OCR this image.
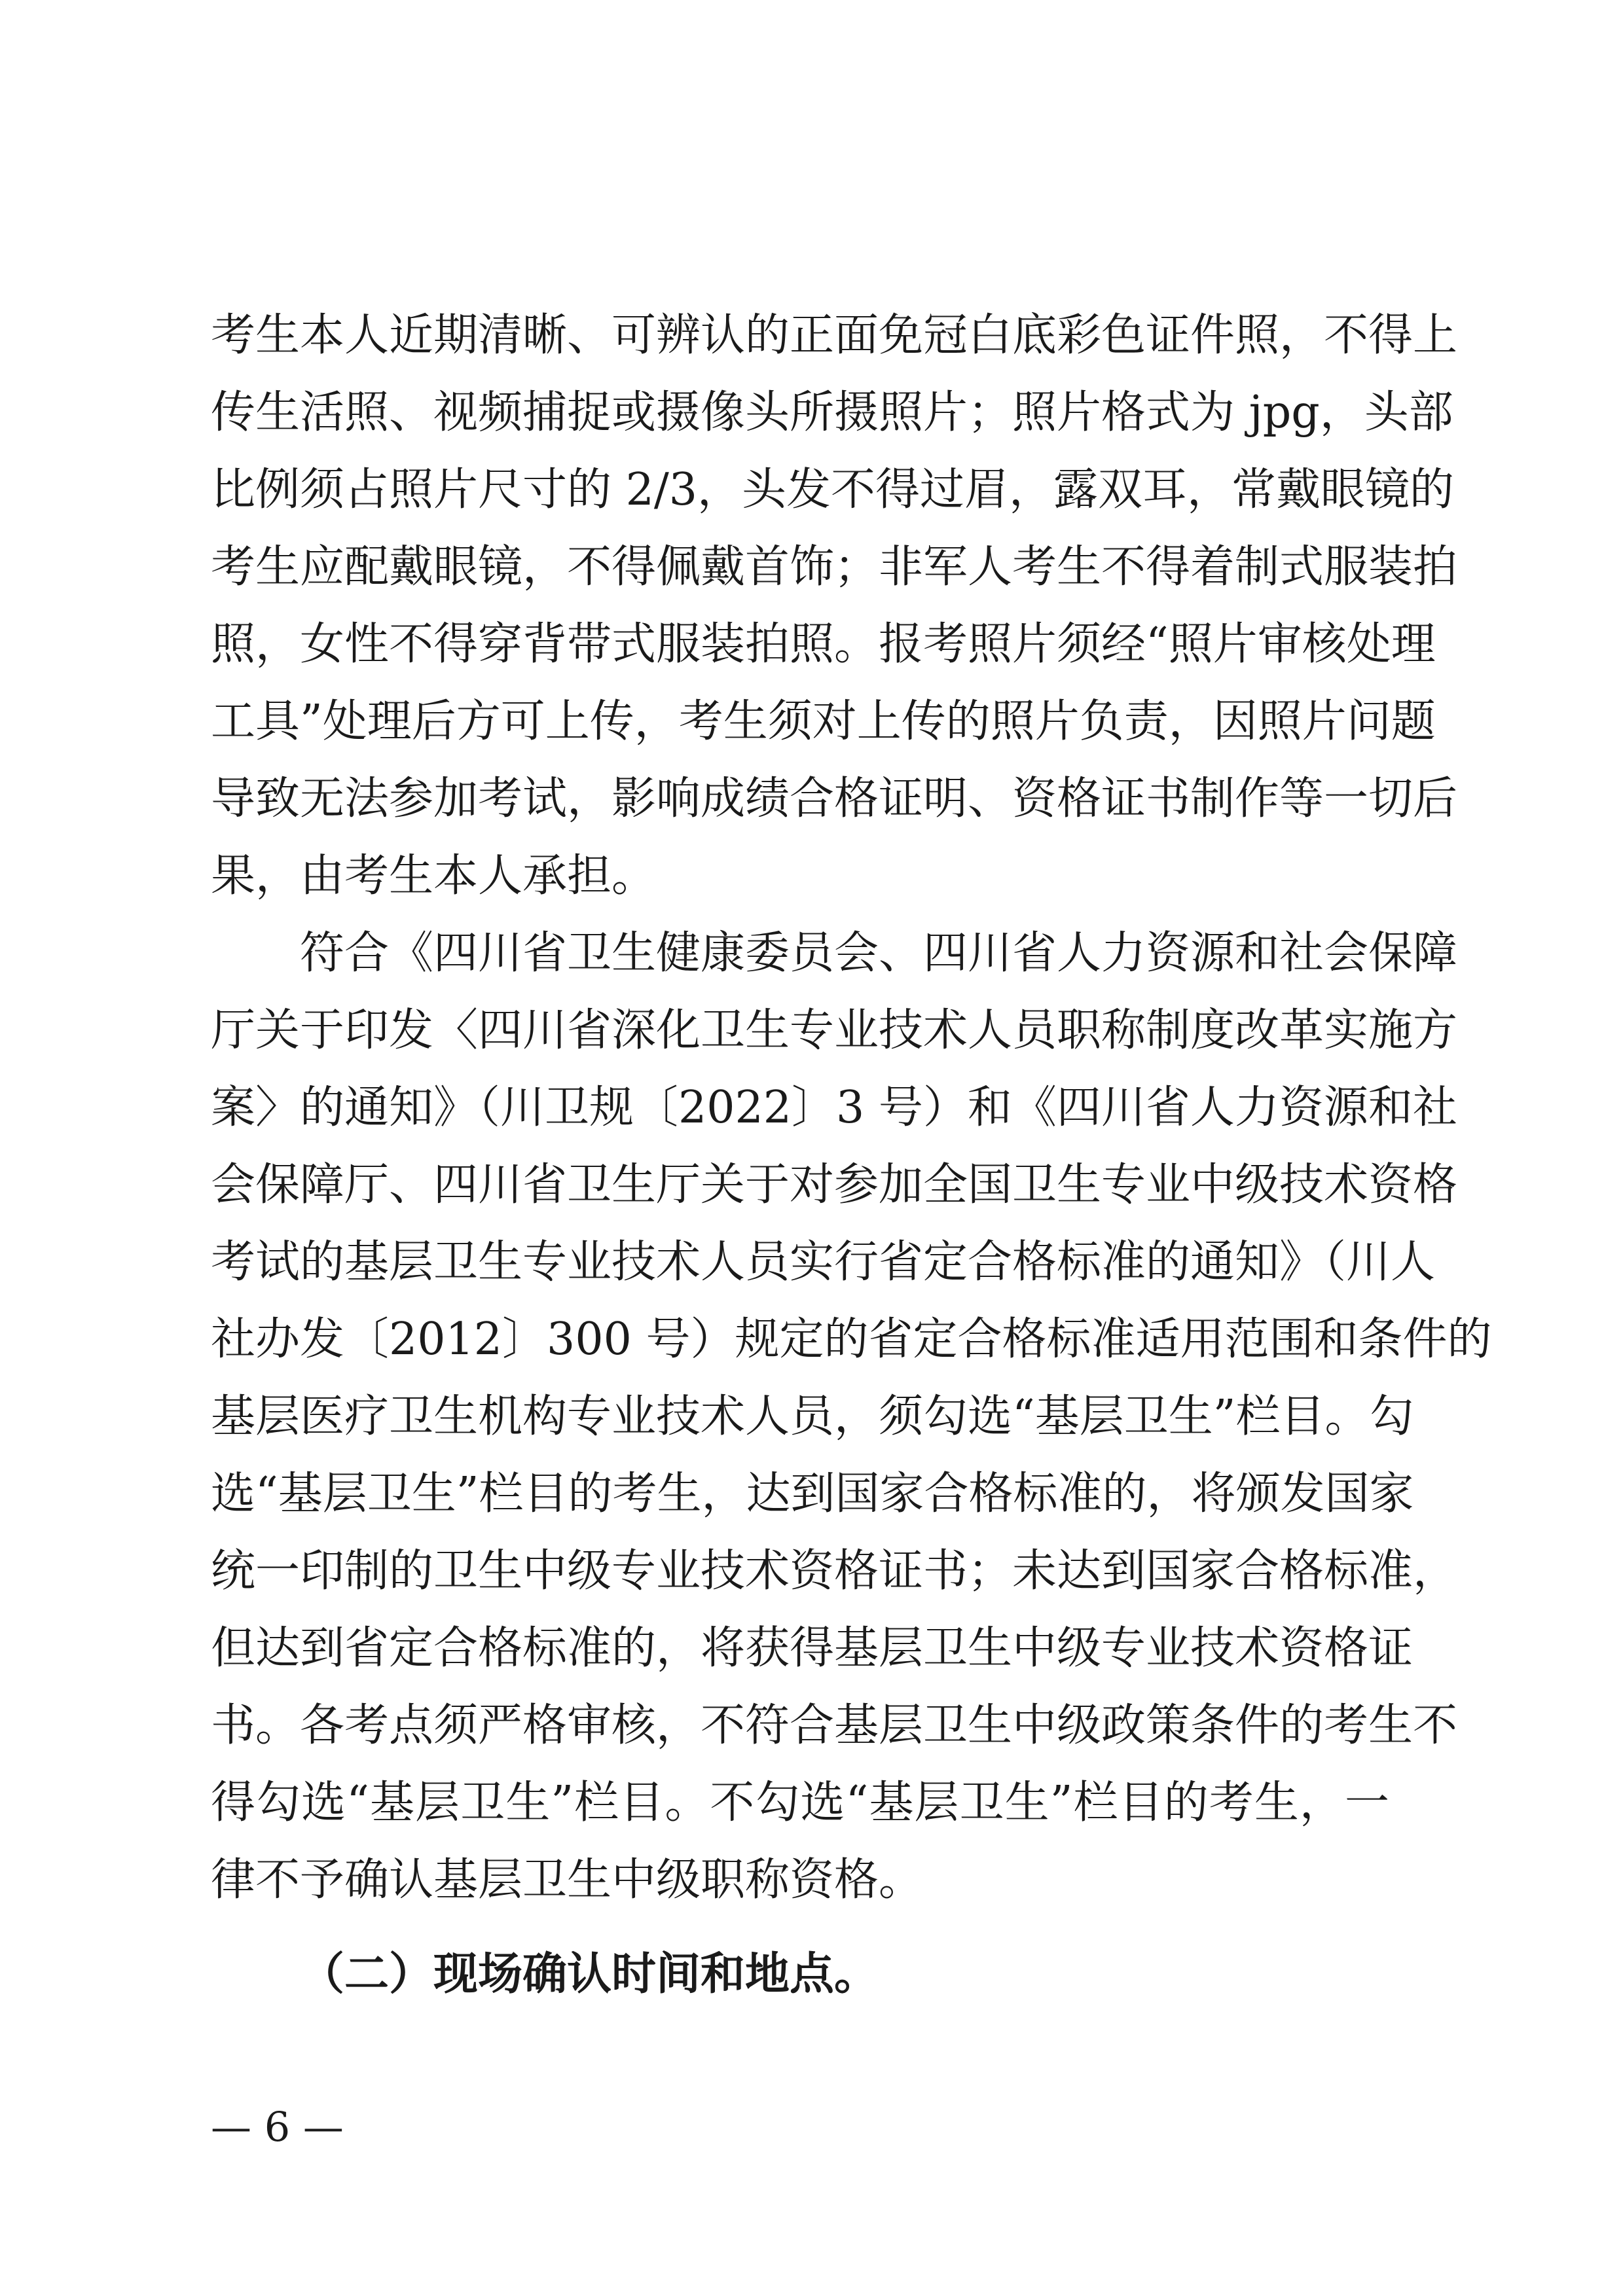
考生本人近期清晰、可辨认的正面免冠白底彩色证件照，不得上
传生活照、视频捕捉或摄像头所摄照片；照片格式为 jpg，头部
比例须占照片尺寸的 2/3，头发不得过眉，露双耳，常戴眼镜的
考生应配戴眼镜，不得佩戴首饰；非军人考生不得着制式服装拍
照，女性不得穿背带式服装拍照。报考照片须经“照片审核处理
工具”处理后方可上传，考生须对上传的照片负责，因照片问题
导致无法参加考试，影响成绩合格证明、资格证书制作等一切后
果，由考生本人承担。
符合《四川省卫生健康委员会、四川省人力资源和社会保障
厅关于印发〈四川省深化卫生专业技术人员职称制度改革实施方
案〉的通知》（川卫规〔2022〕3 号）和《四川省人力资源和社
会保障厅、四川省卫生厅关于对参加全国卫生专业中级技术资格
考试的基层卫生专业技术人员实行省定合格标准的通知》（川人
社办发〔2012〕300 号）规定的省定合格标准适用范围和条件的
基层医疗卫生机构专业技术人员，须勾选“基层卫生”栏目。勾
选“基层卫生”栏目的考生，达到国家合格标准的，将颁发国家
统一印制的卫生中级专业技术资格证书；未达到国家合格标准，
但达到省定合格标准的，将获得基层卫生中级专业技术资格证
书。各考点须严格审核，不符合基层卫生中级政策条件的考生不
得勾选“基层卫生”栏目。不勾选“基层卫生”栏目的考生，一
律不予确认基层卫生中级职称资格。
（二）现场确认时间和地点。
— 6 —
